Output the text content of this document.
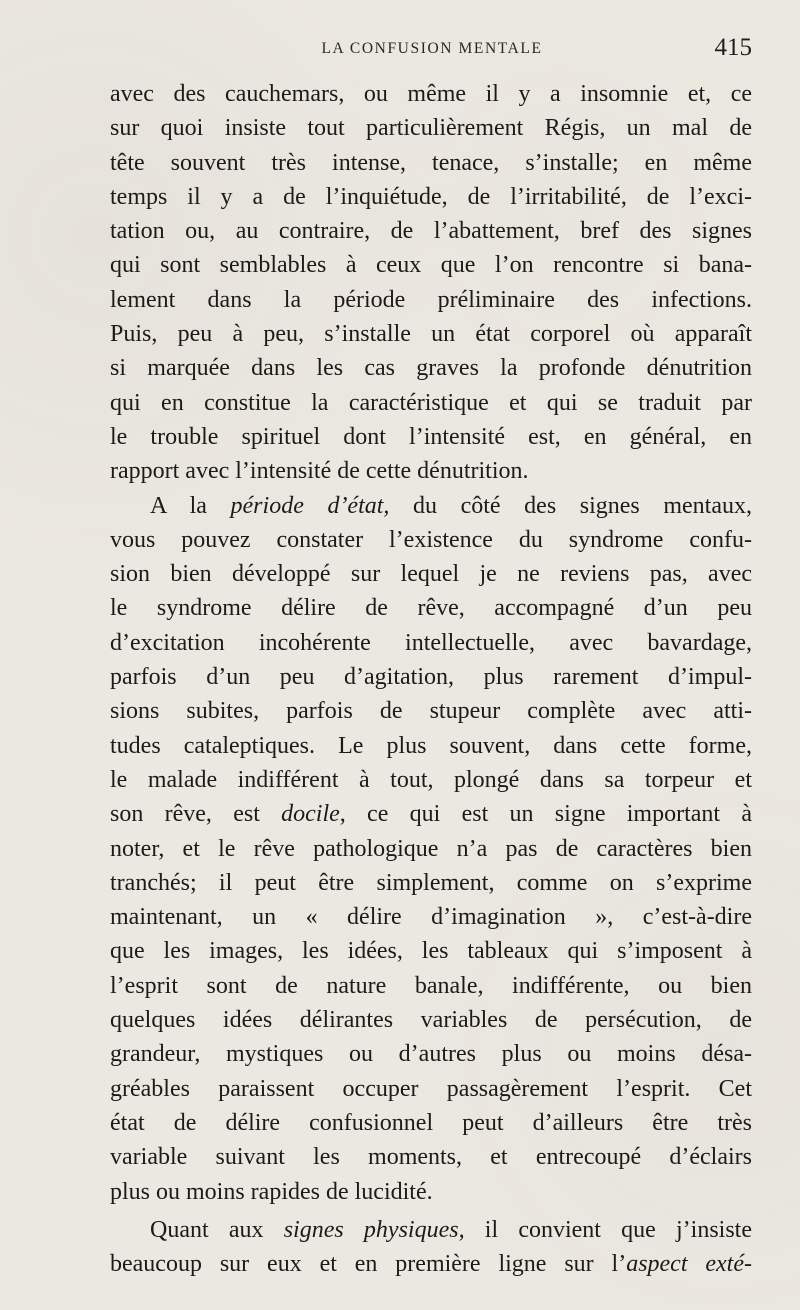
LA CONFUSION MENTALE	415
avec des cauchemars, ou même il y a insomnie et, ce
sur quoi insiste tout particulièrement Régis, un mal de
tête souvent très intense, tenace, s’installe; en même
temps il y a de l’inquiétude, de l’irritabilité, de l’exci-
tation ou, au contraire, de l’abattement, bref des signes
qui sont semblables à ceux que l’on rencontre si bana-
lement dans la période préliminaire des infections.
Puis, peu à peu, s’installe un état corporel où apparaît
si marquée dans les cas graves la profonde dénutrition
qui en constitue la caractéristique et qui se traduit par
le trouble spirituel dont l’intensité est, en général, en
rapport avec l’intensité de cette dénutrition.
A la période d’état, du côté des signes mentaux,
vous pouvez constater l’existence du syndrome confu-
sion bien développé sur lequel je ne reviens pas, avec
le syndrome délire de rêve, accompagné d’un peu
d’excitation incohérente intellectuelle, avec bavardage,
parfois d’un peu d’agitation, plus rarement d’impul-
sions subites, parfois de stupeur complète avec atti-
tudes cataleptiques. Le plus souvent, dans cette forme,
le malade indifférent à tout, plongé dans sa torpeur et
son rêve, est docile, ce qui est un signe important à
noter, et le rêve pathologique n’a pas de caractères bien
tranchés; il peut être simplement, comme on s’exprime
maintenant, un « délire d’imagination », c’est-à-dire
que les images, les idées, les tableaux qui s’imposent à
l’esprit sont de nature banale, indifférente, ou bien
quelques idées délirantes variables de persécution, de
grandeur, mystiques ou d’autres plus ou moins désa-
gréables paraissent occuper passagèrement l’esprit. Cet
état de délire confusionnel peut d’ailleurs être très
variable suivant les moments, et entrecoupé d’éclairs
plus ou moins rapides de lucidité.
Quant aux signes physiques, il convient que j’insiste
beaucoup sur eux et en première ligne sur l’aspect exté-
